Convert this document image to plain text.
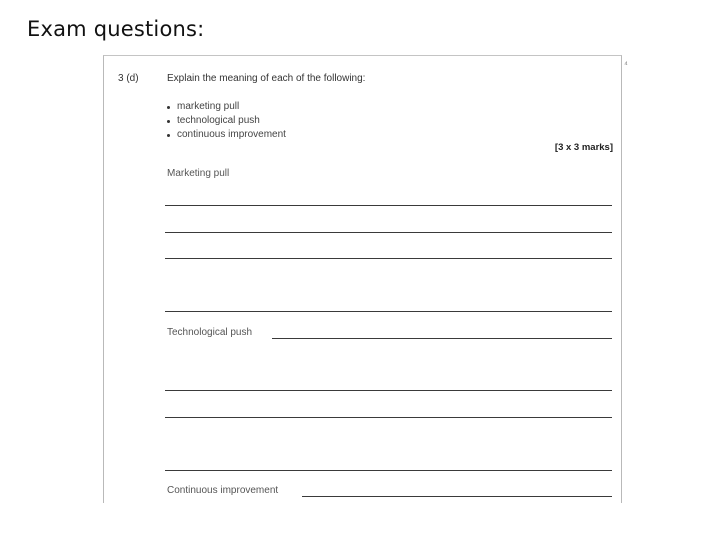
Exam questions:
⁴
3 (d)	Explain the meaning of each of the following:
marketing pull
technological push
continuous improvement
[3 x 3 marks]
Marketing pull
Technological push
Continuous improvement
